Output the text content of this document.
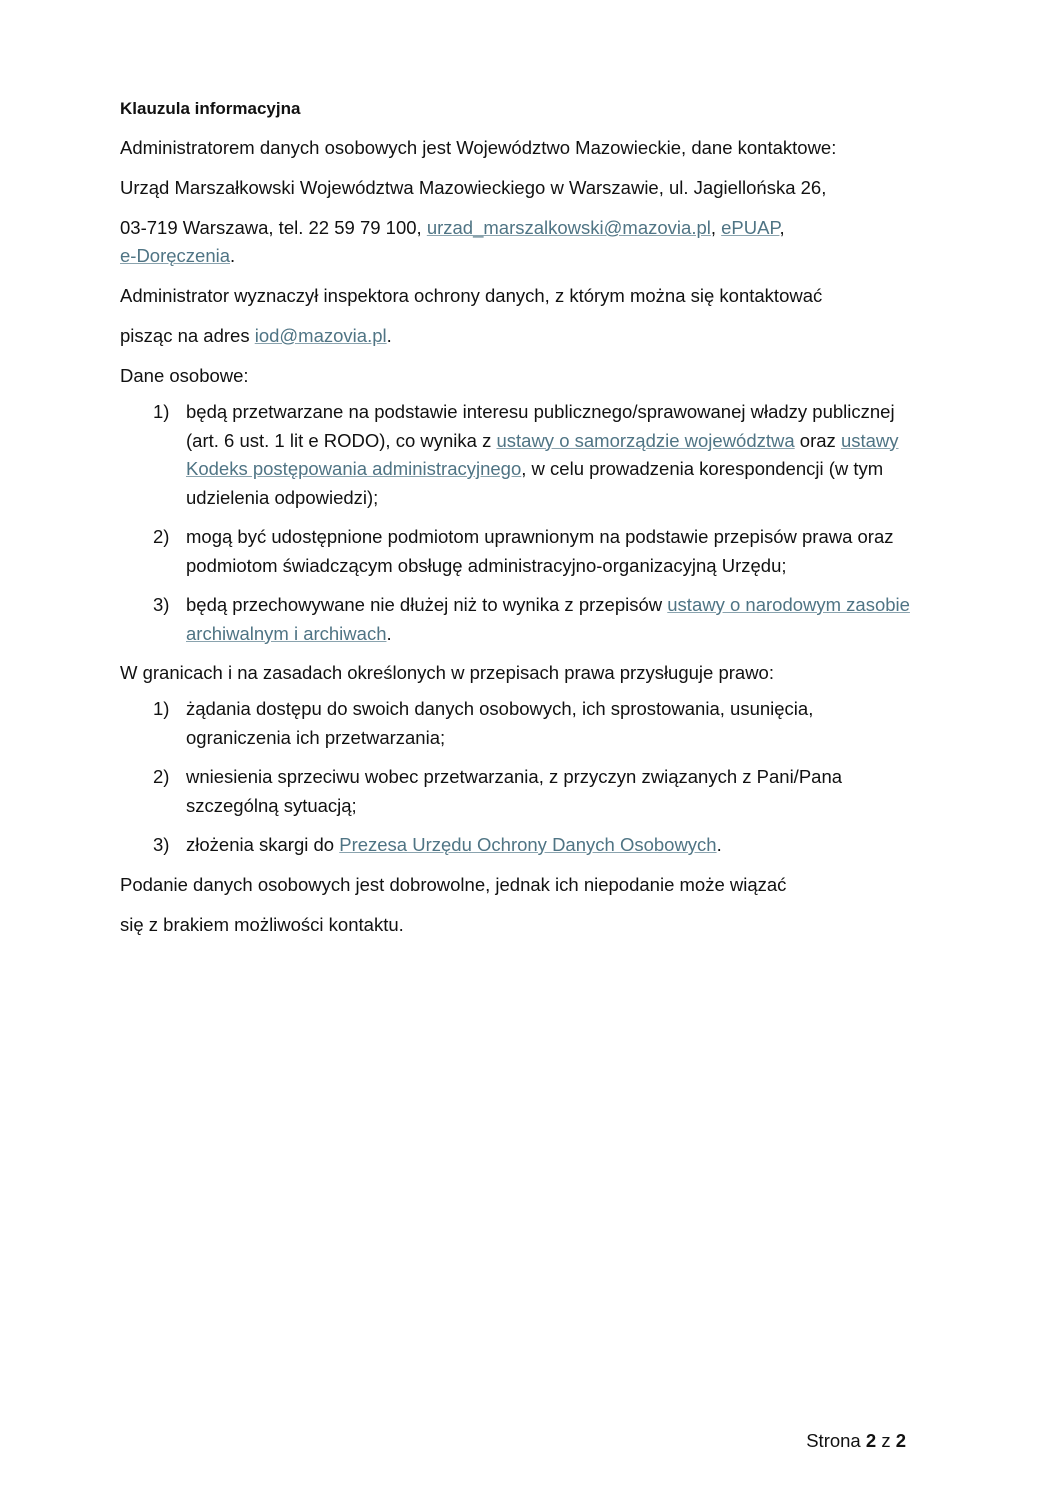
Klauzula informacyjna

Administratorem danych osobowych jest Województwo Mazowieckie, dane kontaktowe:

Urząd Marszałkowski Województwa Mazowieckiego w Warszawie, ul. Jagiellońska 26,

03-719 Warszawa, tel. 22 59 79 100, urzad_marszalkowski@mazovia.pl, ePUAP,
e-Doręczenia.

Administrator wyznaczył inspektora ochrony danych, z którym można się kontaktować

pisząc na adres iod@mazovia.pl.

Dane osobowe:

1) będą przetwarzane na podstawie interesu publicznego/sprawowanej władzy publicznej (art. 6 ust. 1 lit e RODO), co wynika z ustawy o samorządzie województwa oraz ustawy Kodeks postępowania administracyjnego, w celu prowadzenia korespondencji (w tym udzielenia odpowiedzi);
2) mogą być udostępnione podmiotom uprawnionym na podstawie przepisów prawa oraz podmiotom świadczącym obsługę administracyjno-organizacyjną Urzędu;
3) będą przechowywane nie dłużej niż to wynika z przepisów ustawy o narodowym zasobie archiwalnym i archiwach.

W granicach i na zasadach określonych w przepisach prawa przysługuje prawo:

1) żądania dostępu do swoich danych osobowych, ich sprostowania, usunięcia, ograniczenia ich przetwarzania;
2) wniesienia sprzeciwu wobec przetwarzania, z przyczyn związanych z Pani/Pana szczególną sytuacją;
3) złożenia skargi do Prezesa Urzędu Ochrony Danych Osobowych.

Podanie danych osobowych jest dobrowolne, jednak ich niepodanie może wiązać

się z brakiem możliwości kontaktu.

Strona 2 z 2
